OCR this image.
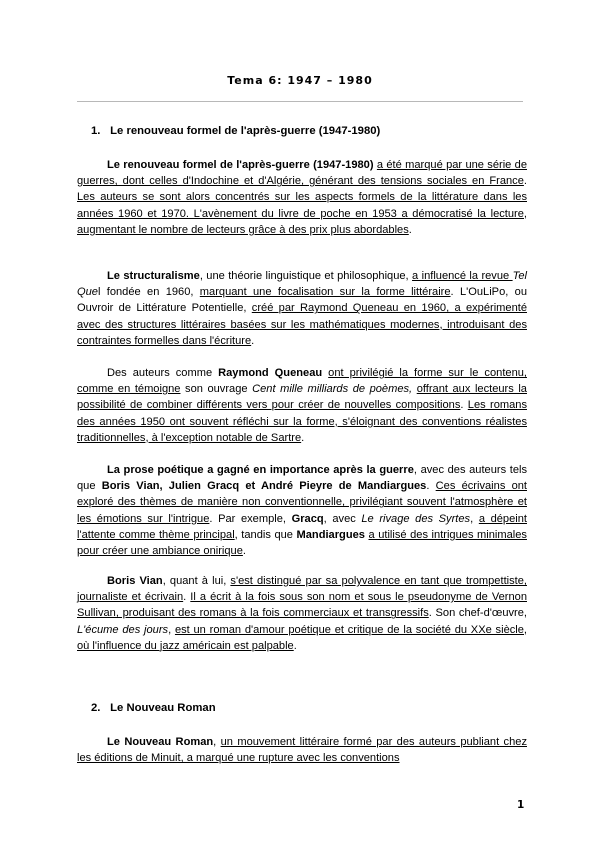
Tema 6: 1947 – 1980
1. Le renouveau formel de l'après-guerre (1947-1980)

Le renouveau formel de l'après-guerre (1947-1980) a été marqué par une série de guerres, dont celles d'Indochine et d'Algérie, générant des tensions sociales en France. Les auteurs se sont alors concentrés sur les aspects formels de la littérature dans les années 1960 et 1970. L'avènement du livre de poche en 1953 a démocratisé la lecture, augmentant le nombre de lecteurs grâce à des prix plus abordables.

Le structuralisme, une théorie linguistique et philosophique, a influencé la revue Tel Quel fondée en 1960, marquant une focalisation sur la forme littéraire. L'OuLiPo, ou Ouvroir de Littérature Potentielle, créé par Raymond Queneau en 1960, a expérimenté avec des structures littéraires basées sur les mathématiques modernes, introduisant des contraintes formelles dans l'écriture.

Des auteurs comme Raymond Queneau ont privilégié la forme sur le contenu, comme en témoigne son ouvrage Cent mille milliards de poèmes, offrant aux lecteurs la possibilité de combiner différents vers pour créer de nouvelles compositions. Les romans des années 1950 ont souvent réfléchi sur la forme, s'éloignant des conventions réalistes traditionnelles, à l'exception notable de Sartre.

La prose poétique a gagné en importance après la guerre, avec des auteurs tels que Boris Vian, Julien Gracq et André Pieyre de Mandiargues. Ces écrivains ont exploré des thèmes de manière non conventionnelle, privilégiant souvent l'atmosphère et les émotions sur l'intrigue. Par exemple, Gracq, avec Le rivage des Syrtes, a dépeint l'attente comme thème principal, tandis que Mandiargues a utilisé des intrigues minimales pour créer une ambiance onirique.

Boris Vian, quant à lui, s'est distingué par sa polyvalence en tant que trompettiste, journaliste et écrivain. Il a écrit à la fois sous son nom et sous le pseudonyme de Vernon Sullivan, produisant des romans à la fois commerciaux et transgressifs. Son chef-d'œuvre, L'écume des jours, est un roman d'amour poétique et critique de la société du XXe siècle, où l'influence du jazz américain est palpable.

2. Le Nouveau Roman

Le Nouveau Roman, un mouvement littéraire formé par des auteurs publiant chez les éditions de Minuit, a marqué une rupture avec les conventions

1
